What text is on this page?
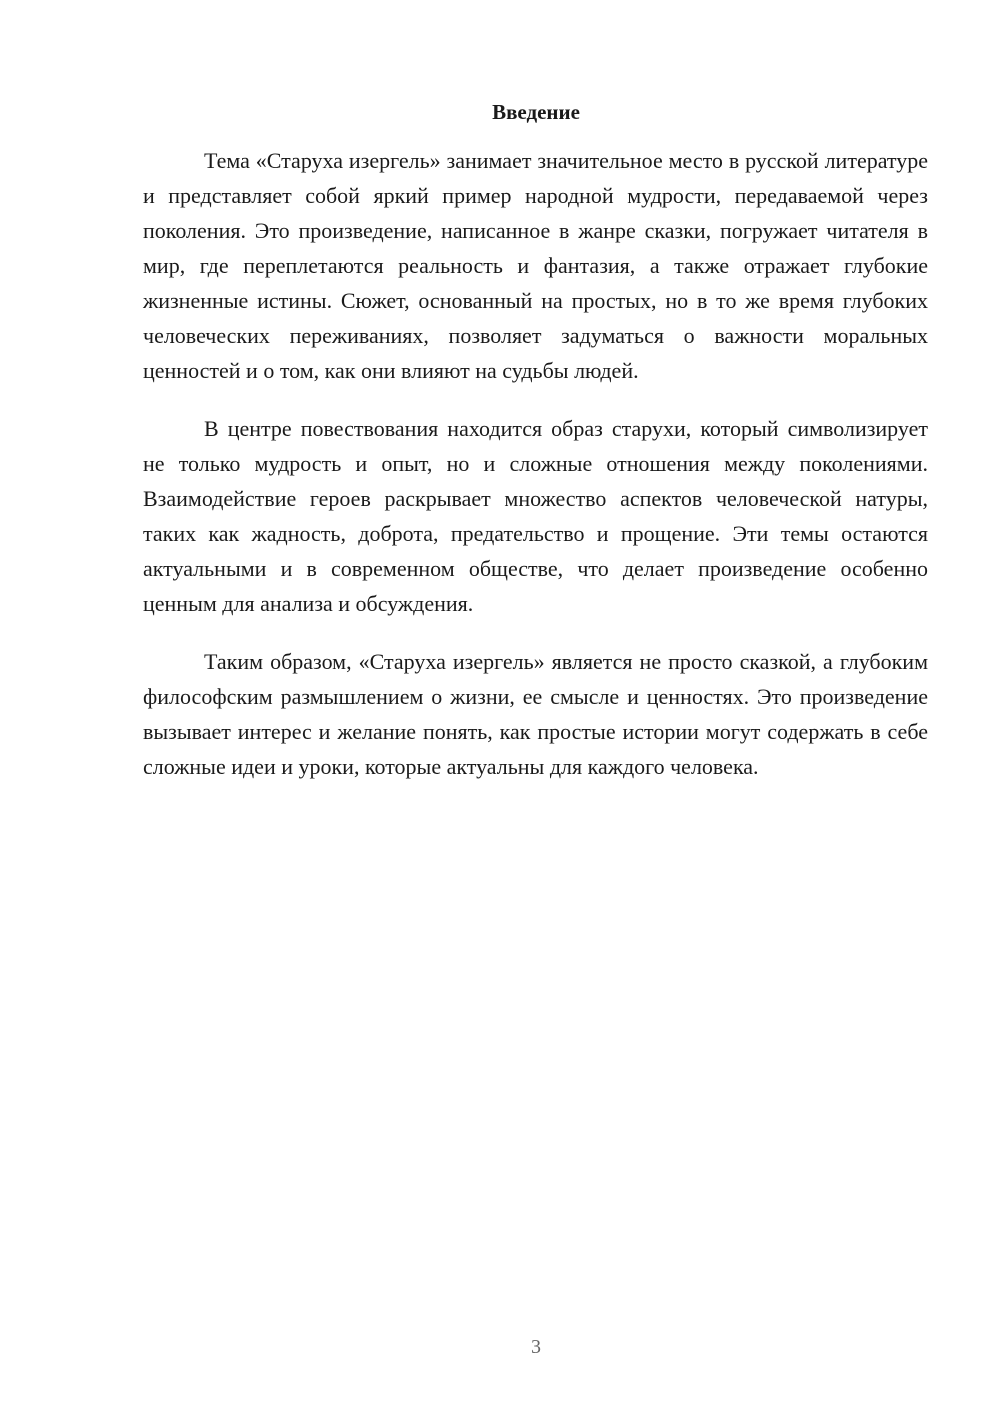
Введение

Тема «Старуха изергель» занимает значительное место в русской литературе и представляет собой яркий пример народной мудрости, передаваемой через поколения. Это произведение, написанное в жанре сказки, погружает читателя в мир, где переплетаются реальность и фантазия, а также отражает глубокие жизненные истины. Сюжет, основанный на простых, но в то же время глубоких человеческих переживаниях, позволяет задуматься о важности моральных ценностей и о том, как они влияют на судьбы людей.

В центре повествования находится образ старухи, который символизирует не только мудрость и опыт, но и сложные отношения между поколениями. Взаимодействие героев раскрывает множество аспектов человеческой натуры, таких как жадность, доброта, предательство и прощение. Эти темы остаются актуальными и в современном обществе, что делает произведение особенно ценным для анализа и обсуждения.

Таким образом, «Старуха изергель» является не просто сказкой, а глубоким философским размышлением о жизни, ее смысле и ценностях. Это произведение вызывает интерес и желание понять, как простые истории могут содержать в себе сложные идеи и уроки, которые актуальны для каждого человека.

3
